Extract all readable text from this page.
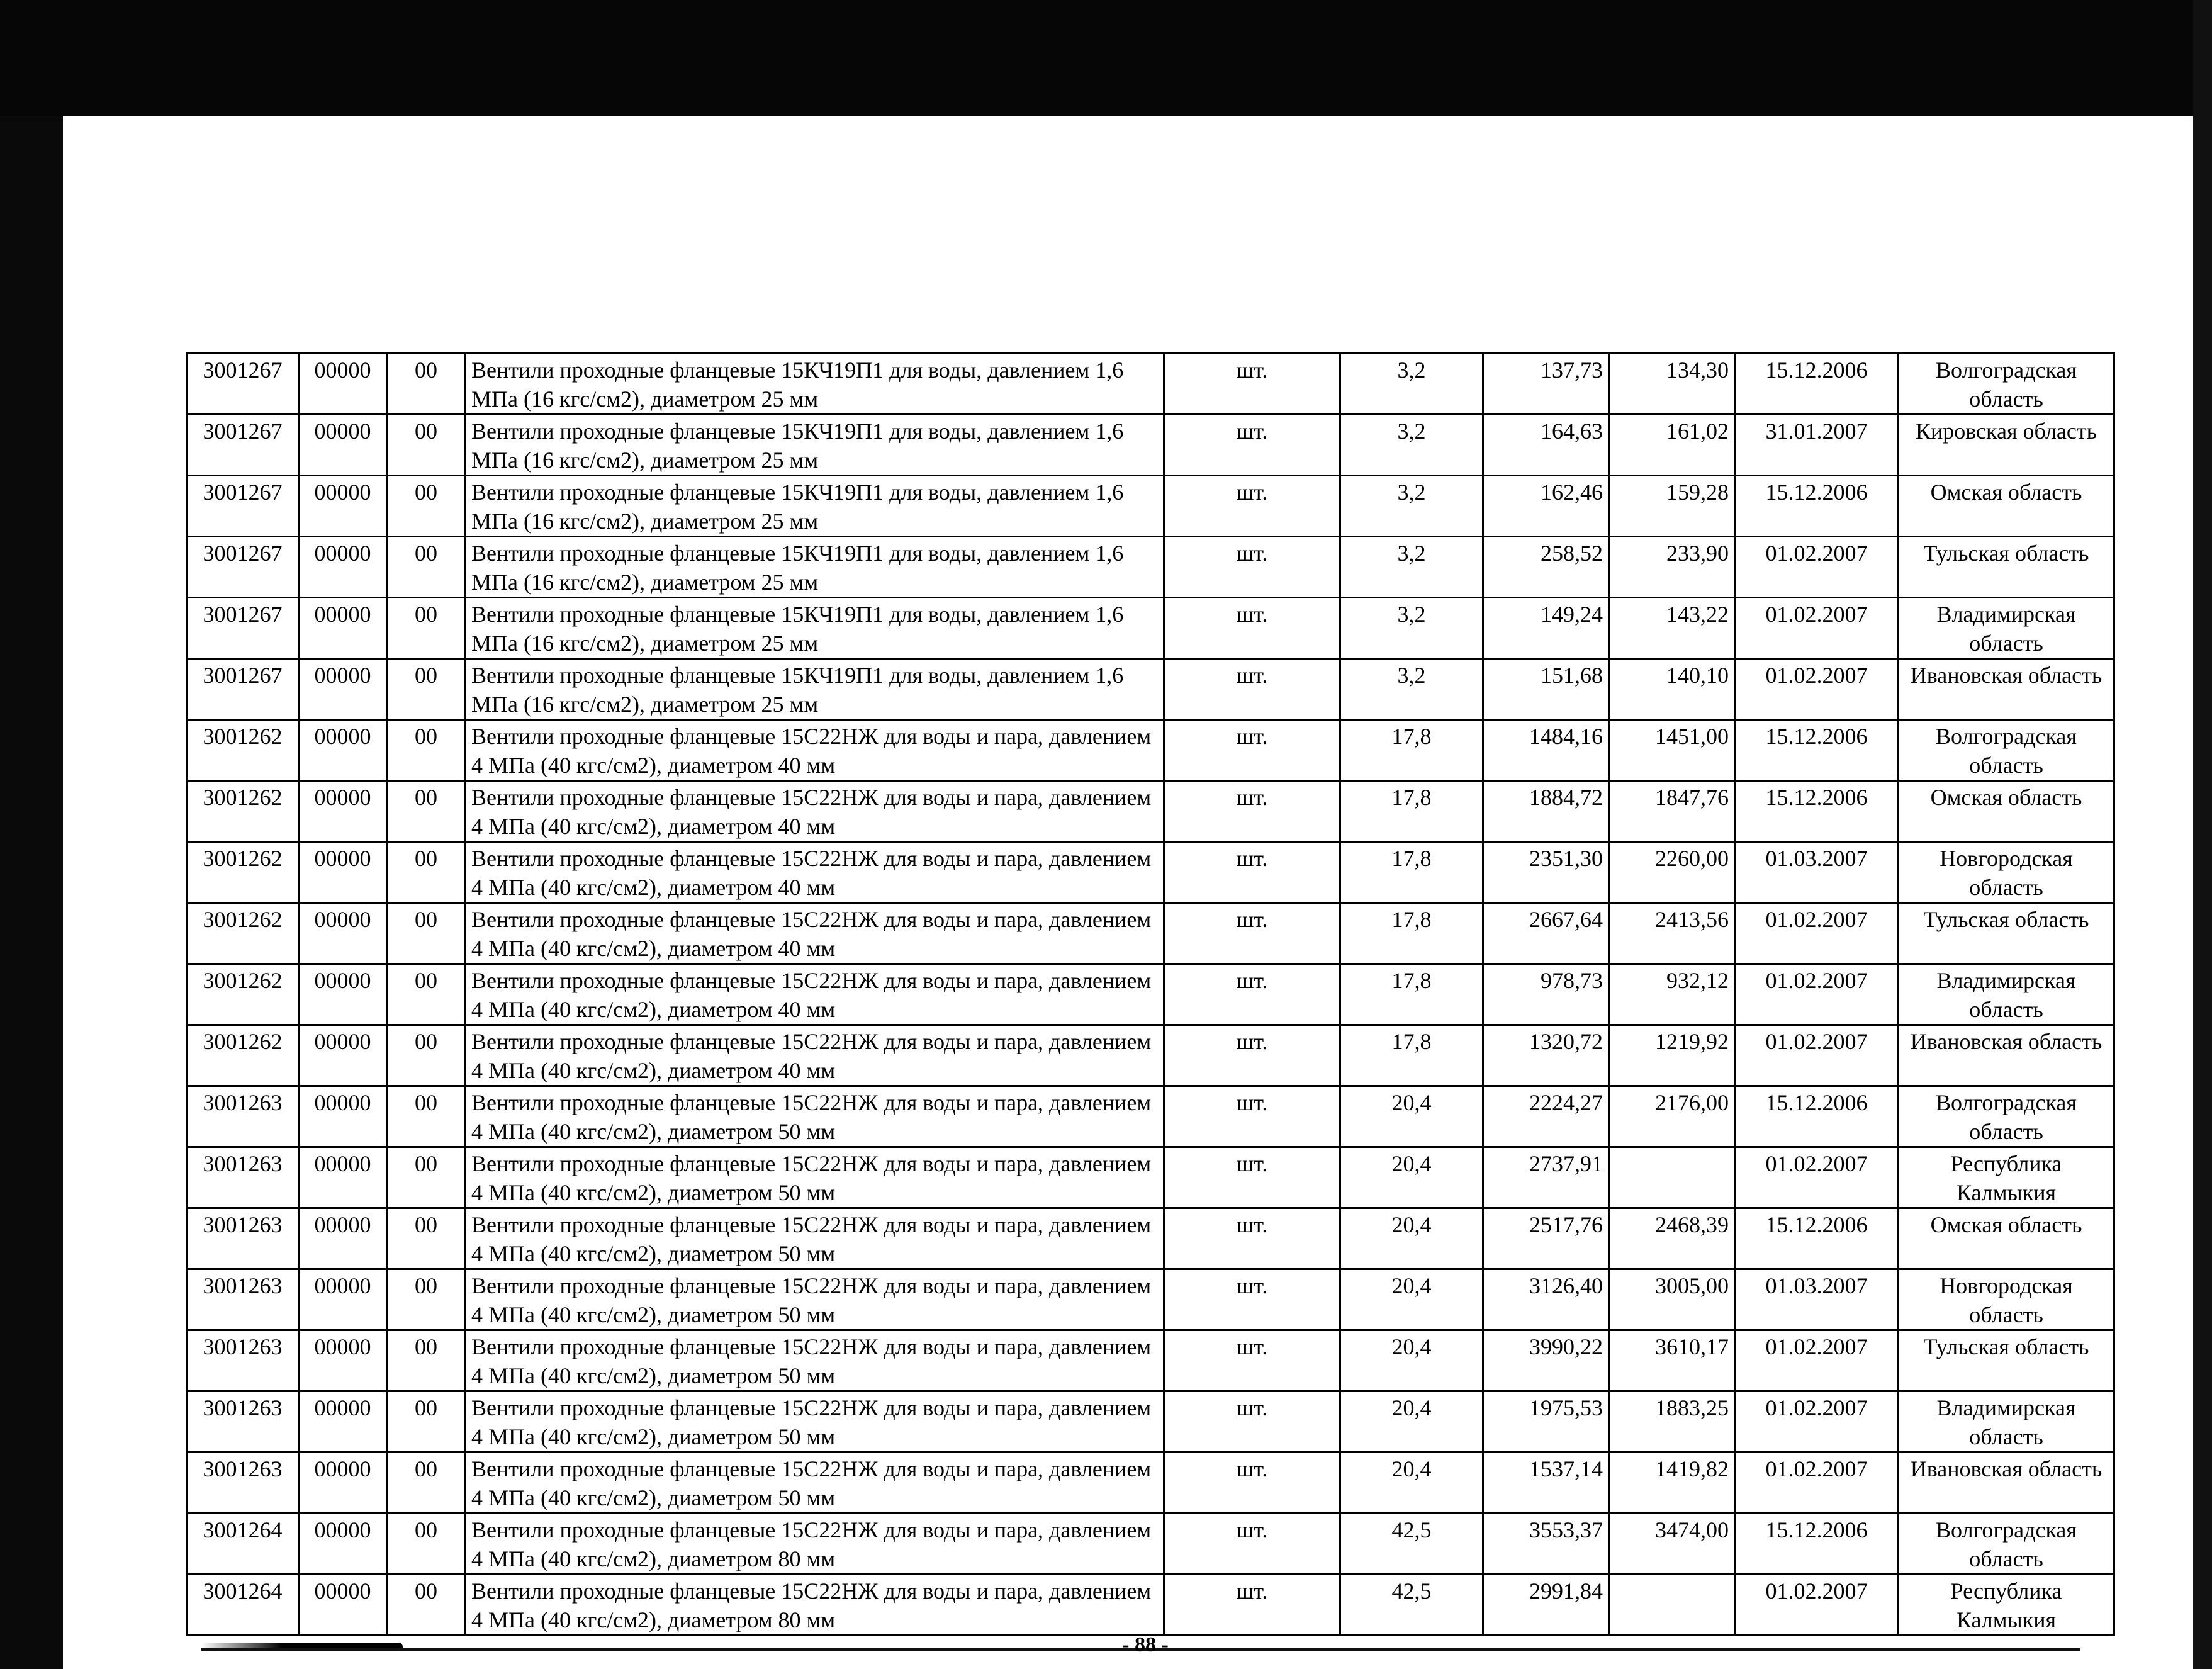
3001267	00000	00	Вентили проходные фланцевые 15КЧ19П1 для воды, давлением 1,6 МПа (16 кгс/см2), диаметром 25 мм	шт.	3,2	137,73	134,30	15.12.2006	Волгоградская область
3001267	00000	00	Вентили проходные фланцевые 15КЧ19П1 для воды, давлением 1,6 МПа (16 кгс/см2), диаметром 25 мм	шт.	3,2	164,63	161,02	31.01.2007	Кировская область
3001267	00000	00	Вентили проходные фланцевые 15КЧ19П1 для воды, давлением 1,6 МПа (16 кгс/см2), диаметром 25 мм	шт.	3,2	162,46	159,28	15.12.2006	Омская область
3001267	00000	00	Вентили проходные фланцевые 15КЧ19П1 для воды, давлением 1,6 МПа (16 кгс/см2), диаметром 25 мм	шт.	3,2	258,52	233,90	01.02.2007	Тульская область
3001267	00000	00	Вентили проходные фланцевые 15КЧ19П1 для воды, давлением 1,6 МПа (16 кгс/см2), диаметром 25 мм	шт.	3,2	149,24	143,22	01.02.2007	Владимирская область
3001267	00000	00	Вентили проходные фланцевые 15КЧ19П1 для воды, давлением 1,6 МПа (16 кгс/см2), диаметром 25 мм	шт.	3,2	151,68	140,10	01.02.2007	Ивановская область
3001262	00000	00	Вентили проходные фланцевые 15С22НЖ для воды и пара, давлением 4 МПа (40 кгс/см2), диаметром 40 мм	шт.	17,8	1484,16	1451,00	15.12.2006	Волгоградская область
3001262	00000	00	Вентили проходные фланцевые 15С22НЖ для воды и пара, давлением 4 МПа (40 кгс/см2), диаметром 40 мм	шт.	17,8	1884,72	1847,76	15.12.2006	Омская область
3001262	00000	00	Вентили проходные фланцевые 15С22НЖ для воды и пара, давлением 4 МПа (40 кгс/см2), диаметром 40 мм	шт.	17,8	2351,30	2260,00	01.03.2007	Новгородская область
3001262	00000	00	Вентили проходные фланцевые 15С22НЖ для воды и пара, давлением 4 МПа (40 кгс/см2), диаметром 40 мм	шт.	17,8	2667,64	2413,56	01.02.2007	Тульская область
3001262	00000	00	Вентили проходные фланцевые 15С22НЖ для воды и пара, давлением 4 МПа (40 кгс/см2), диаметром 40 мм	шт.	17,8	978,73	932,12	01.02.2007	Владимирская область
3001262	00000	00	Вентили проходные фланцевые 15С22НЖ для воды и пара, давлением 4 МПа (40 кгс/см2), диаметром 40 мм	шт.	17,8	1320,72	1219,92	01.02.2007	Ивановская область
3001263	00000	00	Вентили проходные фланцевые 15С22НЖ для воды и пара, давлением 4 МПа (40 кгс/см2), диаметром 50 мм	шт.	20,4	2224,27	2176,00	15.12.2006	Волгоградская область
3001263	00000	00	Вентили проходные фланцевые 15С22НЖ для воды и пара, давлением 4 МПа (40 кгс/см2), диаметром 50 мм	шт.	20,4	2737,91		01.02.2007	Республика Калмыкия
3001263	00000	00	Вентили проходные фланцевые 15С22НЖ для воды и пара, давлением 4 МПа (40 кгс/см2), диаметром 50 мм	шт.	20,4	2517,76	2468,39	15.12.2006	Омская область
3001263	00000	00	Вентили проходные фланцевые 15С22НЖ для воды и пара, давлением 4 МПа (40 кгс/см2), диаметром 50 мм	шт.	20,4	3126,40	3005,00	01.03.2007	Новгородская область
3001263	00000	00	Вентили проходные фланцевые 15С22НЖ для воды и пара, давлением 4 МПа (40 кгс/см2), диаметром 50 мм	шт.	20,4	3990,22	3610,17	01.02.2007	Тульская область
3001263	00000	00	Вентили проходные фланцевые 15С22НЖ для воды и пара, давлением 4 МПа (40 кгс/см2), диаметром 50 мм	шт.	20,4	1975,53	1883,25	01.02.2007	Владимирская область
3001263	00000	00	Вентили проходные фланцевые 15С22НЖ для воды и пара, давлением 4 МПа (40 кгс/см2), диаметром 50 мм	шт.	20,4	1537,14	1419,82	01.02.2007	Ивановская область
3001264	00000	00	Вентили проходные фланцевые 15С22НЖ для воды и пара, давлением 4 МПа (40 кгс/см2), диаметром 80 мм	шт.	42,5	3553,37	3474,00	15.12.2006	Волгоградская область
3001264	00000	00	Вентили проходные фланцевые 15С22НЖ для воды и пара, давлением 4 МПа (40 кгс/см2), диаметром 80 мм	шт.	42,5	2991,84		01.02.2007	Республика Калмыкия
- 88 -
